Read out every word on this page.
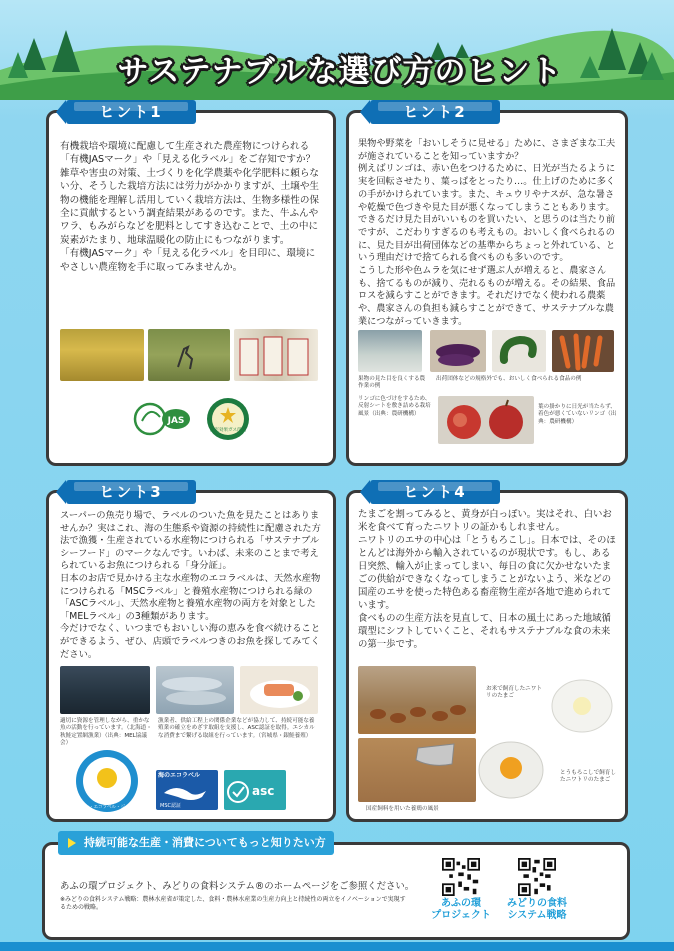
サステナブルな選び方のヒント
ヒント1

有機栽培や環境に配慮して生産された農産物につけられる「有機JASマーク」や「見える化ラベル」をご存知ですか？雑草や害虫の対策、土づくりを化学農薬や化学肥料に頼らない分、そうした栽培方法には労力がかかりますが、土壌や生物の機能を理解し活用していく栽培方法は、生物多様性の保全に貢献するという調査結果があるのです。また、牛ふんやワラ、もみがらなどを肥料としてすき込むことで、土の中に炭素がたまり、地球温暖化の防止にもつながります。

「有機JASマーク」や「見える化ラベル」を目印に、環境にやさしい農産物を手に取ってみませんか。

JAS
温室効果ガス削減
ヒント2

果物や野菜を「おいしそうに見せる」ために、さまざまな工夫が施されていることを知っていますか？

例えばリンゴは、赤い色をつけるために、日光が当たるように実を回転させたり、葉っぱをとったり…。仕上げのために多くの手がかけられています。また、キュウリやナスが、急な暑さや乾燥で色づきや見た目が悪くなってしまうこともあります。

できるだけ見た目がいいものを買いたい、と思うのは当たり前ですが、こだわりすぎるのも考えもの。おいしく食べられるのに、見た目が出荷団体などの基準からちょっと外れている、という理由だけで捨てられる食べものも多いのです。

こうした形や色ムラを気にせず選ぶ人が増えると、農家さんも、捨てるものが減り、売れるものが増える。その結果、食品ロスを減らすことができます。それだけでなく使われる農薬や、農家さんの負担も減らすことができて、サステナブルな農業につながっていきます。

果物の見た目を良くする農作業の例
出荷団体などの規格外でも、おいしく食べられる食品の例
リンゴに色づけをするため、反射シートを敷き詰める栽培風景（出典：農研機構）
葉の掛かりに日光が当たらず、着色が悪くていないリンゴ（出典：農研機構）
ヒント3

スーパーの魚売り場で、ラベルのついた魚を見たことはありませんか？実はこれ、海の生態系や資源の持続性に配慮された方法で漁獲・生産されている水産物につけられる「サステナブルシーフード」のマークなんです。いわば、未来のことまで考えられているお魚につけられる「身分証」。

日本のお店で見かける主な水産物のエコラベルは、天然水産物につけられる「MSCラベル」と養殖水産物につけられる緑の「ASCラベル」、天然水産物と養殖水産物の両方を対象とした「MELラベル」の3種類があります。

今だけでなく、いつまでもおいしい海の恵みを食べ続けることができるよう、ぜひ、店頭でラベルつきのお魚を探してみてください。

適切に資源を管理しながら、重かな魚の活動を行っています。（北海道・秋鮭定置網漁業）（出典：MEL協議会）
漁業者、供給工程上の関係企業などが協力して、持続可能な養殖業の確立をめざす取組を支援し、ASC認証を取得。エシカルな消費まで繋げる取組を行っています。（宮城県・銀鮭養殖）
マリン・エコラベル・ジャパン
海のエコラベル
MSC認証
asc
ヒント4

たまごを割ってみると、黄身が白っぽい。実はそれ、白いお米を食べて育ったニワトリの証かもしれません。

ニワトリのエサの中心は「とうもろこし」。日本では、そのほとんどは海外から輸入されているのが現状です。もし、ある日突然、輸入が止まってしまい、毎日の食に欠かせないたまごの供給ができなくなってしまうことがないよう、米などの国産のエサを使った特色ある畜産物生産が各地で進められています。

食べものの生産方法を見直して、日本の風土にあった地域循環型にシフトしていくこと、それもサステナブルな食の未来の第一歩です。

国産飼料を用いた養鶏の風景
お米で飼育したニワトリのたまご
とうもろこしで飼育したニワトリのたまご
持続可能な生産・消費についてもっと知りたい方へ
あふの環プロジェクト、みどりの食料システム®のホームページをご参照ください。
※みどりの食料システム戦略：農林水産省が策定した、食料・農林水産業の生産力向上と持続性の両立をイノベーションで実現するための戦略。	あふの環
プロジェクト
みどりの食料
システム戦略
